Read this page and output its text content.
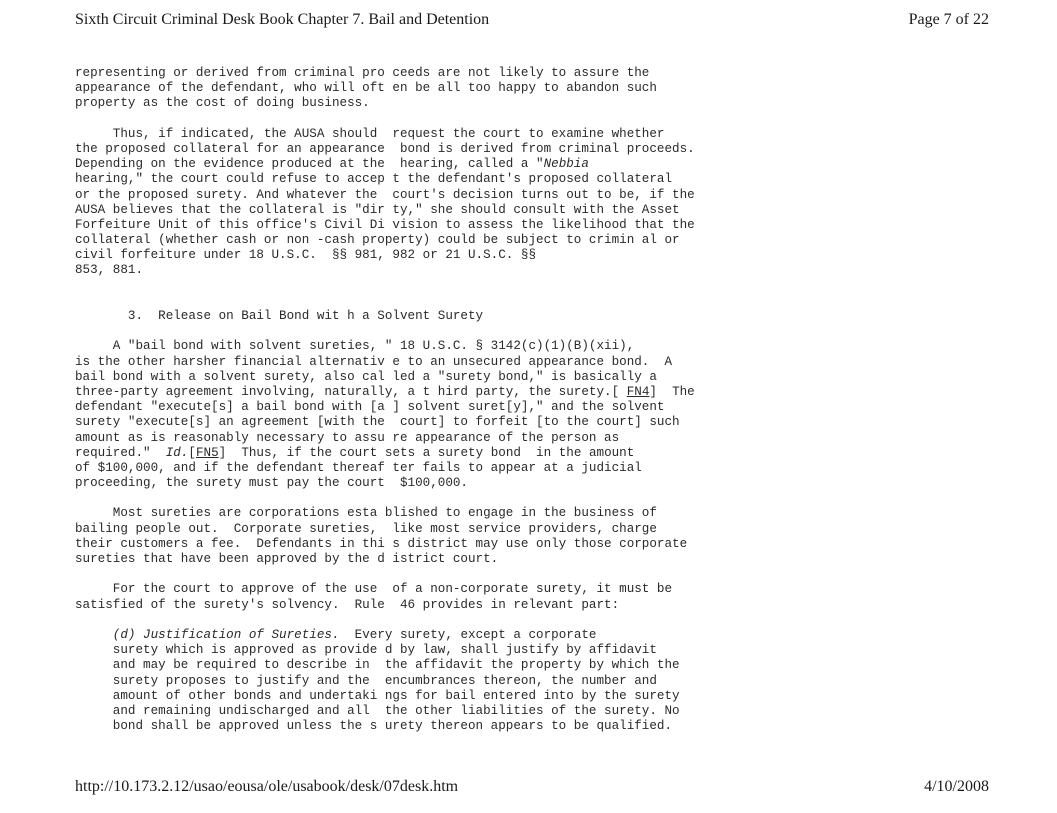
Sixth Circuit Criminal Desk Book Chapter 7. Bail and Detention	Page 7 of 22
representing or derived from criminal pro ceeds are not likely to assure the
appearance of the defendant, who will oft en be all too happy to abandon such
property as the cost of doing business.
Thus, if indicated, the AUSA should  request the court to examine whether
the proposed collateral for an appearance  bond is derived from criminal proceeds.
Depending on the evidence produced at the  hearing, called a "Nebbia
hearing," the court could refuse to accep t the defendant's proposed collateral
or the proposed surety. And whatever the  court's decision turns out to be, if the
AUSA believes that the collateral is "dir ty," she should consult with the Asset
Forfeiture Unit of this office's Civil Di vision to assess the likelihood that the
collateral (whether cash or non -cash property) could be subject to crimin al or
civil forfeiture under 18 U.S.C.  §§ 981, 982 or 21 U.S.C. §§
853, 881.
3.  Release on Bail Bond wit h a Solvent Surety
A "bail bond with solvent sureties, " 18 U.S.C. § 3142(c)(1)(B)(xii),
is the other harsher financial alternativ e to an unsecured appearance bond.  A
bail bond with a solvent surety, also cal led a "surety bond," is basically a
three-party agreement involving, naturally, a t hird party, the surety.[ FN4]  The
defendant "execute[s] a bail bond with [a ] solvent suret[y]," and the solvent
surety "execute[s] an agreement [with the  court] to forfeit [to the court] such
amount as is reasonably necessary to assu re appearance of the person as
required."  Id.[FN5]  Thus, if the court sets a surety bond  in the amount
of $100,000, and if the defendant thereaf ter fails to appear at a judicial
proceeding, the surety must pay the court  $100,000.
Most sureties are corporations esta blished to engage in the business of
bailing people out.  Corporate sureties,  like most service providers, charge
their customers a fee.  Defendants in thi s district may use only those corporate
sureties that have been approved by the d istrict court.
For the court to approve of the use  of a non-corporate surety, it must be
satisfied of the surety's solvency.  Rule  46 provides in relevant part:
(d) Justification of Sureties.  Every surety, except a corporate
surety which is approved as provide d by law, shall justify by affidavit
and may be required to describe in  the affidavit the property by which the
surety proposes to justify and the  encumbrances thereon, the number and
amount of other bonds and undertaki ngs for bail entered into by the surety
and remaining undischarged and all  the other liabilities of the surety. No
bond shall be approved unless the s urety thereon appears to be qualified.
http://10.173.2.12/usao/eousa/ole/usabook/desk/07desk.htm	4/10/2008
